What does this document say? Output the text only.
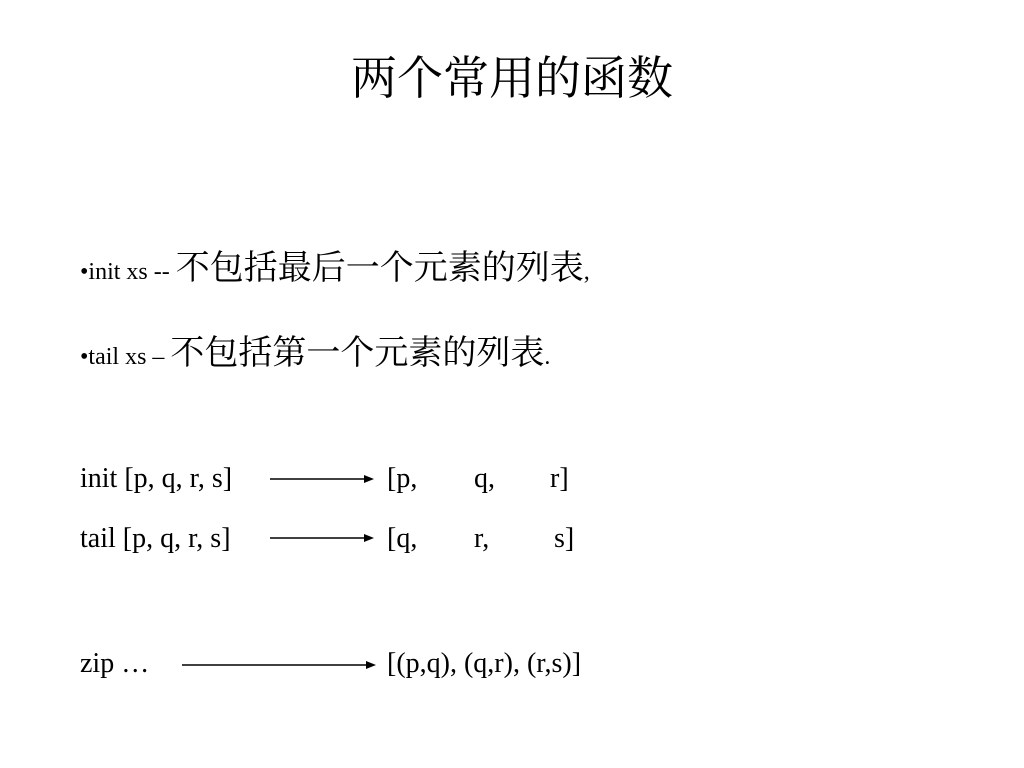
两个常用的函数
•init xs -- 不包括最后一个元素的列表,
•tail xs – 不包括第一个元素的列表.
init [p, q, r, s]	[p, q, r]
tail [p, q, r, s]	[q, r, s]
zip …	[(p,q), (q,r), (r,s)]
